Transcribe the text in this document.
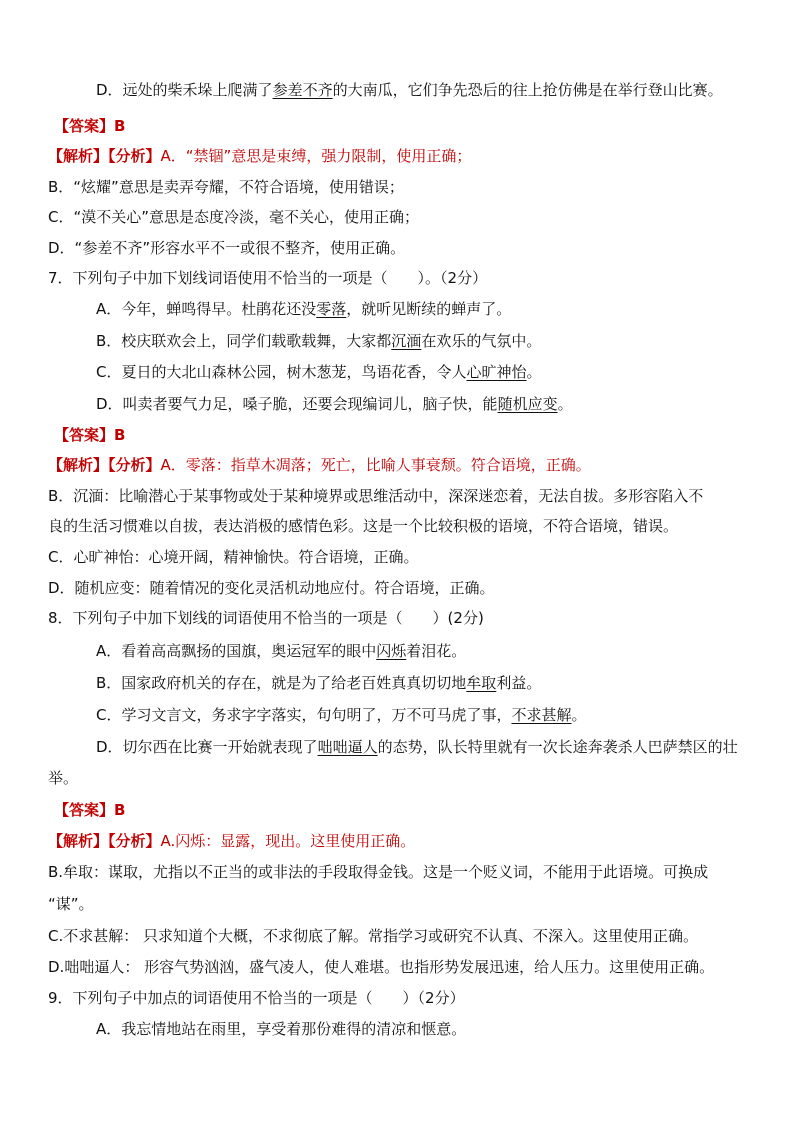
D．远处的柴禾垛上爬满了参差不齐的大南瓜，它们争先恐后的往上抢仿佛是在举行登山比赛。
【答案】B
【解析】【分析】A．“禁锢”意思是束缚，强力限制，使用正确；
B．“炫耀”意思是卖弄夸耀，不符合语境，使用错误；
C．“漠不关心”意思是态度冷淡，毫不关心，使用正确；
D．“参差不齐”形容水平不一或很不整齐，使用正确。
7．下列句子中加下划线词语使用不恰当的一项是（　　）。（2分）
A．今年，蝉鸣得早。杜鹃花还没零落，就听见断续的蝉声了。
B．校庆联欢会上，同学们载歌载舞，大家都沉湎在欢乐的气氛中。
C．夏日的大北山森林公园，树木葱茏，鸟语花香，令人心旷神怡。
D．叫卖者要气力足，嗓子脆，还要会现编词儿，脑子快，能随机应变。
【答案】B
【解析】【分析】A．零落：指草木凋落；死亡，比喻人事衰颓。符合语境，正确。
B．沉湎：比喻潜心于某事物或处于某种境界或思维活动中，深深迷恋着，无法自拔。多形容陷入不
良的生活习惯难以自拔，表达消极的感情色彩。这是一个比较积极的语境，不符合语境，错误。
C．心旷神怡：心境开阔，精神愉快。符合语境，正确。
D．随机应变：随着情况的变化灵活机动地应付。符合语境，正确。
8．下列句子中加下划线的词语使用不恰当的一项是（　　）(2分)
A．看着高高飘扬的国旗，奥运冠军的眼中闪烁着泪花。
B．国家政府机关的存在，就是为了给老百姓真真切切地牟取利益。
C．学习文言文，务求字字落实，句句明了，万不可马虎了事，不求甚解。
D．切尔西在比赛一开始就表现了咄咄逼人的态势，队长特里就有一次长途奔袭杀人巴萨禁区的壮
举。
【答案】B
【解析】【分析】A.闪烁：显露，现出。这里使用正确。
B.牟取：谋取，尤指以不正当的或非法的手段取得金钱。这是一个贬义词，不能用于此语境。可换成
“谋”。
C.不求甚解： 只求知道个大概，不求彻底了解。常指学习或研究不认真、不深入。这里使用正确。
D.咄咄逼人： 形容气势汹汹，盛气凌人，使人难堪。也指形势发展迅速，给人压力。这里使用正确。
9．下列句子中加点的词语使用不恰当的一项是（　　）（2分）
A．我忘情地站在雨里，享受着那份难得的清凉和惬意。
